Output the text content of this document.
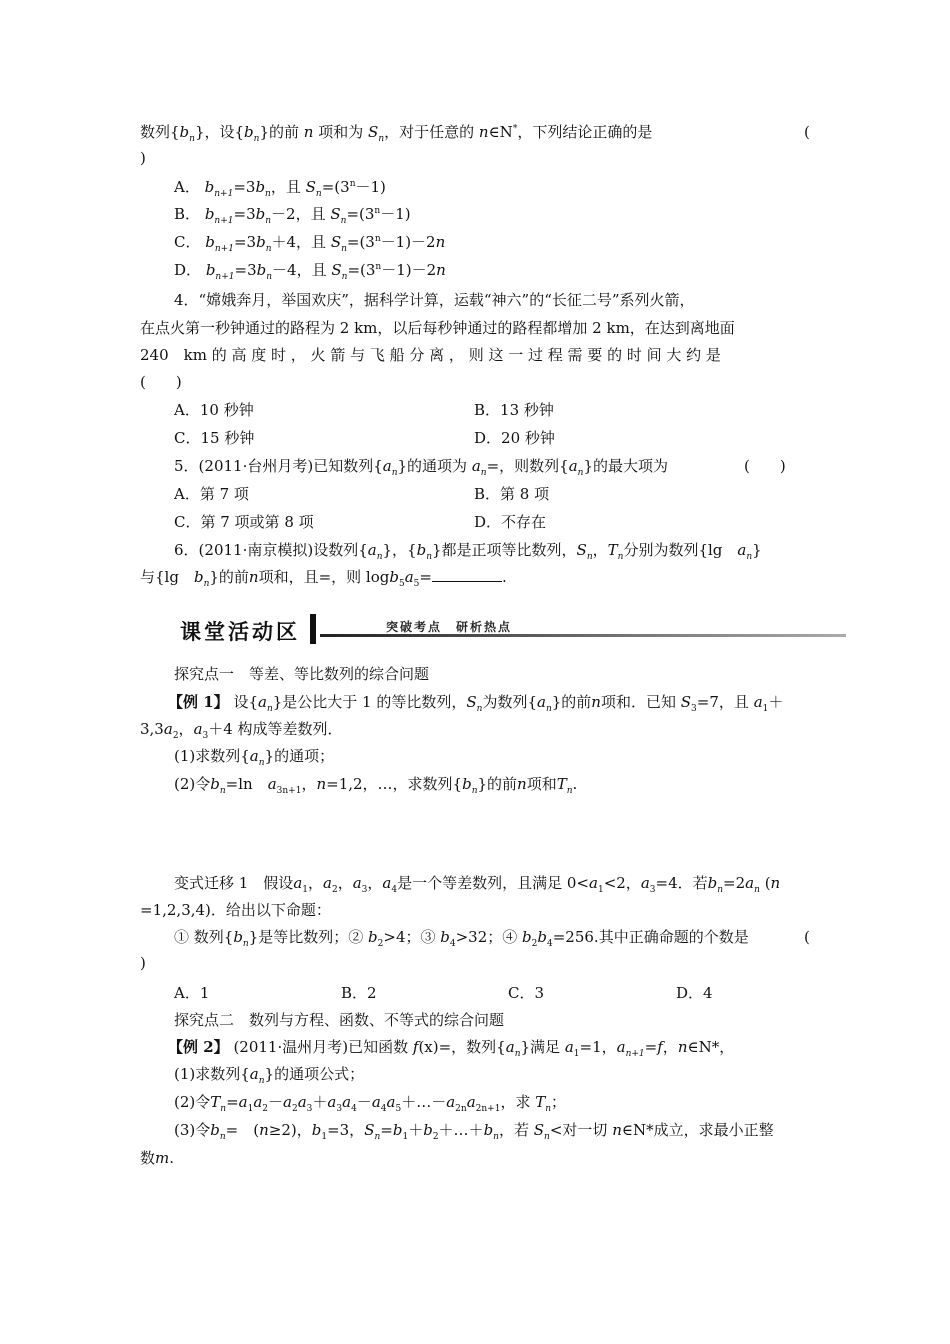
数列$\{b_n\}$，设$\{b_n\}$的前 n 项和为 $S_n$，对于任意的 n∈N*，下列结论正确的是	(
)
A． $b_{n+1}=3b_n$，且 $S_n=(3^n-1)$
B． $b_{n+1}=3b_n-2$，且 $S_n=(3^n-1)$
C． $b_{n+1}=3b_n+4$，且 $S_n=(3^n-1)-2n$
D． $b_{n+1}=3b_n-4$，且 $S_n=(3^n-1)-2n$
4．“嫦娥奔月，举国欢庆”，据科学计算，运载“神六”的“长征二号”系列火箭，
在点火第一秒钟通过的路程为 2 km，以后每秒钟通过的路程都增加 2 km，在达到离地面
240　km 的 高 度 时 ， 火 箭 与 飞 船 分 离 ， 则 这 一 过 程 需 要 的 时 间 大 约 是
(　　)
A．10 秒钟	B．13 秒钟
C．15 秒钟	D．20 秒钟
5．(2011·台州月考)已知数列$\{a_n\}$的通项为 $a_n=$，则数列$\{a_n\}$的最大项为	(　　)
A．第 7 项	B．第 8 项
C．第 7 项或第 8 项	D．不存在
6．(2011·南京模拟)设数列$\{a_n\}$，$\{b_n\}$都是正项等比数列，$S_n$，$T_n$分别为数列{lg　$a_n$}
与{lg　$b_n$}的前n项和，且=，则 $\log b_5a_5=$	.
课堂活动区	突破考点　研析热点
探究点一　等差、等比数列的综合问题
【例 1】 设$\{a_n\}$是公比大于 1 的等比数列，$S_n$为数列$\{a_n\}$的前n项和．已知 $S_3=7$，且 $a_1+$
$3,3a_2$，$a_3+4$ 构成等差数列．
(1)求数列$\{a_n\}$的通项；
(2)令$b_n=\ln$　$a_{3n+1}$，n=1,2，…，求数列$\{b_n\}$的前n项和$T_n$.
变式迁移 1　假设$a_1$，$a_2$，$a_3$，$a_4$是一个等差数列，且满足 $0<a_1<2$，$a_3=4$．若$b_n=2a_n$ (n
=1,2,3,4)．给出以下命题：
① 数列$\{b_n\}$是等比数列；② $b_2>4$；③ $b_4>32$；④ $b_2b_4=256$.其中正确命题的个数是	(
)
A．1	B．2	C．3	D．4
探究点二　数列与方程、函数、不等式的综合问题
【例 2】 (2011·温州月考)已知函数 f(x)=，数列$\{a_n\}$满足 $a_1=1$，$a_{n+1}=f$，n∈N*，
(1)求数列$\{a_n\}$的通项公式；
(2)令$T_n=a_1a_2-a_2a_3+a_3a_4-a_4a_5+\dots-a_{2n}a_{2n+1}$，求 $T_n$；
(3)令$b_n=$　(n≥2)，$b_1=3$，$S_n=b_1+b_2+\dots+b_n$，若 $S_n<$对一切 n∈N*成立，求最小正整
数m.
